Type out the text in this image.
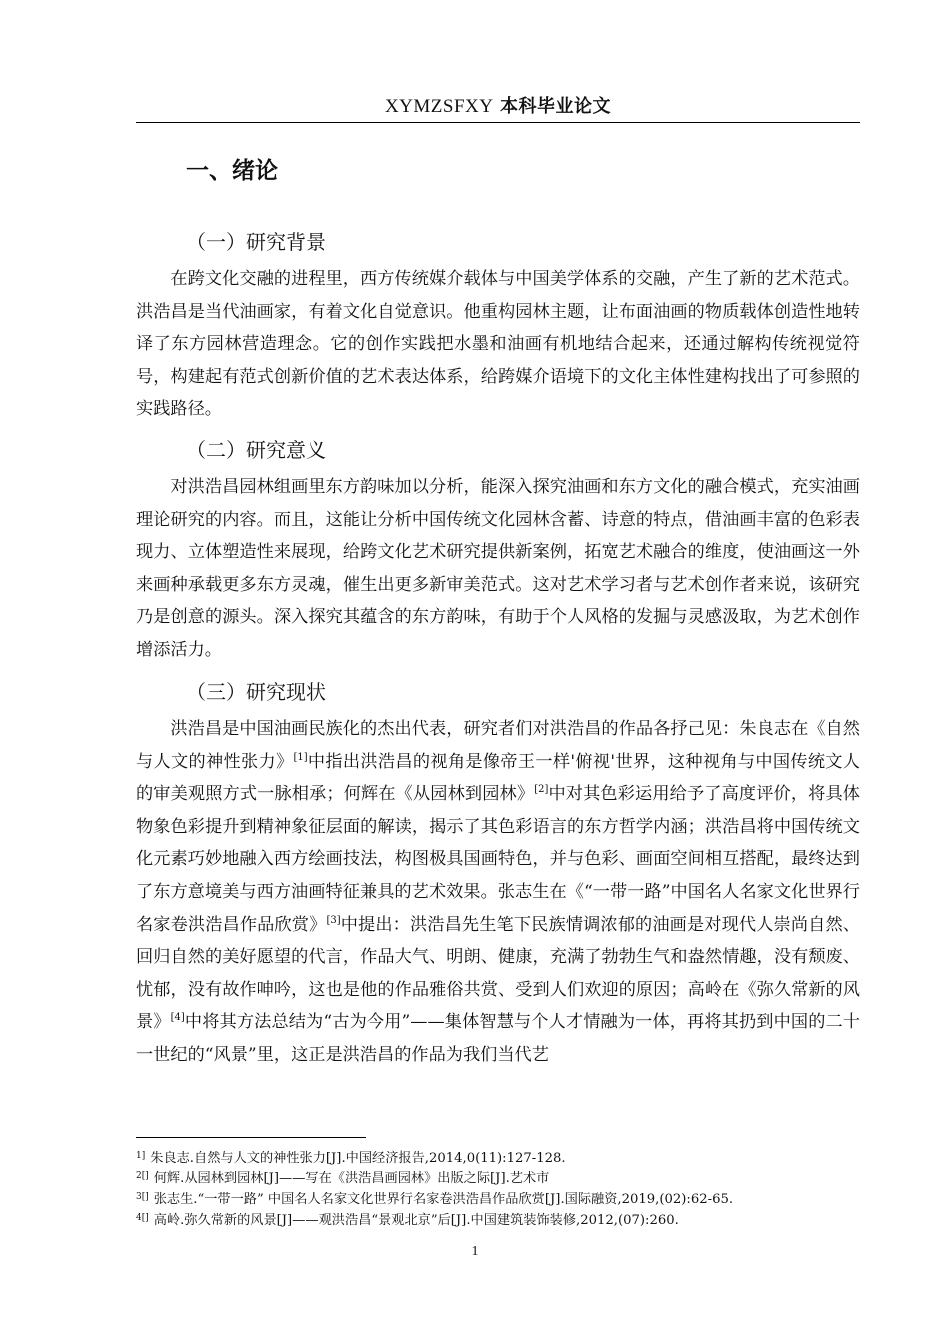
XYMZSFXY 本科毕业论文
一、绪论
（一）研究背景

在跨文化交融的进程里，西方传统媒介载体与中国美学体系的交融，产生了新的艺术范式。洪浩昌是当代油画家，有着文化自觉意识。他重构园林主题，让布面油画的物质载体创造性地转译了东方园林营造理念。它的创作实践把水墨和油画有机地结合起来，还通过解构传统视觉符号，构建起有范式创新价值的艺术表达体系，给跨媒介语境下的文化主体性建构找出了可参照的实践路径。

（二）研究意义

对洪浩昌园林组画里东方韵味加以分析，能深入探究油画和东方文化的融合模式，充实油画理论研究的内容。而且，这能让分析中国传统文化园林含蓄、诗意的特点，借油画丰富的色彩表现力、立体塑造性来展现，给跨文化艺术研究提供新案例，拓宽艺术融合的维度，使油画这一外来画种承载更多东方灵魂，催生出更多新审美范式。这对艺术学习者与艺术创作者来说，该研究乃是创意的源头。深入探究其蕴含的东方韵味，有助于个人风格的发掘与灵感汲取，为艺术创作增添活力。

（三）研究现状

洪浩昌是中国油画民族化的杰出代表，研究者们对洪浩昌的作品各抒己见：朱良志在《自然与人文的神性张力》[1]中指出洪浩昌的视角是像帝王一样'俯视'世界，这种视角与中国传统文人的审美观照方式一脉相承；何辉在《从园林到园林》[2]中对其色彩运用给予了高度评价，将具体物象色彩提升到精神象征层面的解读，揭示了其色彩语言的东方哲学内涵；洪浩昌将中国传统文化元素巧妙地融入西方绘画技法，构图极具国画特色，并与色彩、画面空间相互搭配，最终达到了东方意境美与西方油画特征兼具的艺术效果。张志生在《“一带一路”中国名人名家文化世界行名家卷洪浩昌作品欣赏》[3]中提出：洪浩昌先生笔下民族情调浓郁的油画是对现代人崇尚自然、回归自然的美好愿望的代言，作品大气、明朗、健康，充满了勃勃生气和盎然情趣，没有颓废、忧郁，没有故作呻吟，这也是他的作品雅俗共赏、受到人们欢迎的原因；高岭在《弥久常新的风景》[4]中将其方法总结为“古为今用”——集体智慧与个人才情融为一体，再将其扔到中国的二十一世纪的“风景”里，这正是洪浩昌的作品为我们当代艺

$^{1]}$ 朱良志.自然与人文的神性张力[J].中国经济报告,2014,0(11):127-128.
$^{2[]}$ 何辉.从园林到园林[J]——写在《洪浩昌画园林》出版之际[J].艺术市
$^{3[]}$ 张志生.“一带一路” 中国名人名家文化世界行名家卷洪浩昌作品欣赏[J].国际融资,2019,(02):62-65.
$^{4[]}$ 高岭.弥久常新的风景[J]——观洪浩昌“景观北京”后[J].中国建筑装饰装修,2012,(07):260.
1
